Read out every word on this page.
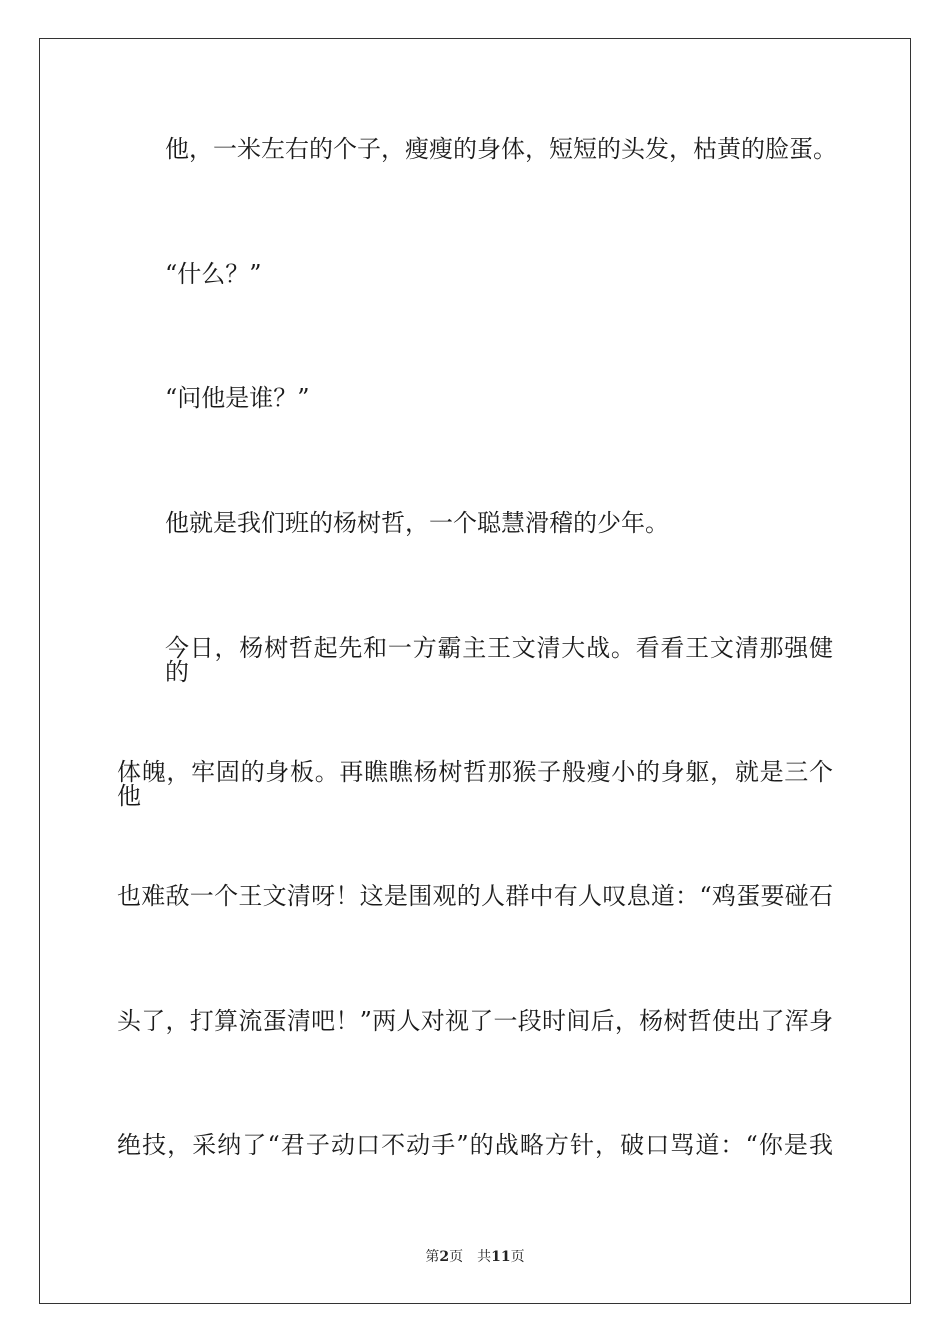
他，一米左右的个子，瘦瘦的身体，短短的头发，枯黄的脸蛋。

“什么？”

“问他是谁？”

他就是我们班的杨树哲，一个聪慧滑稽的少年。

今日，杨树哲起先和一方霸主王文清大战。看看王文清那强健的

体魄，牢固的身板。再瞧瞧杨树哲那猴子般瘦小的身躯，就是三个他

也难敌一个王文清呀！这是围观的人群中有人叹息道：“鸡蛋要碰石

头了，打算流蛋清吧！”两人对视了一段时间后，杨树哲使出了浑身

绝技，采纳了“君子动口不动手”的战略方针，破口骂道：“你是我

第2页 共11页
